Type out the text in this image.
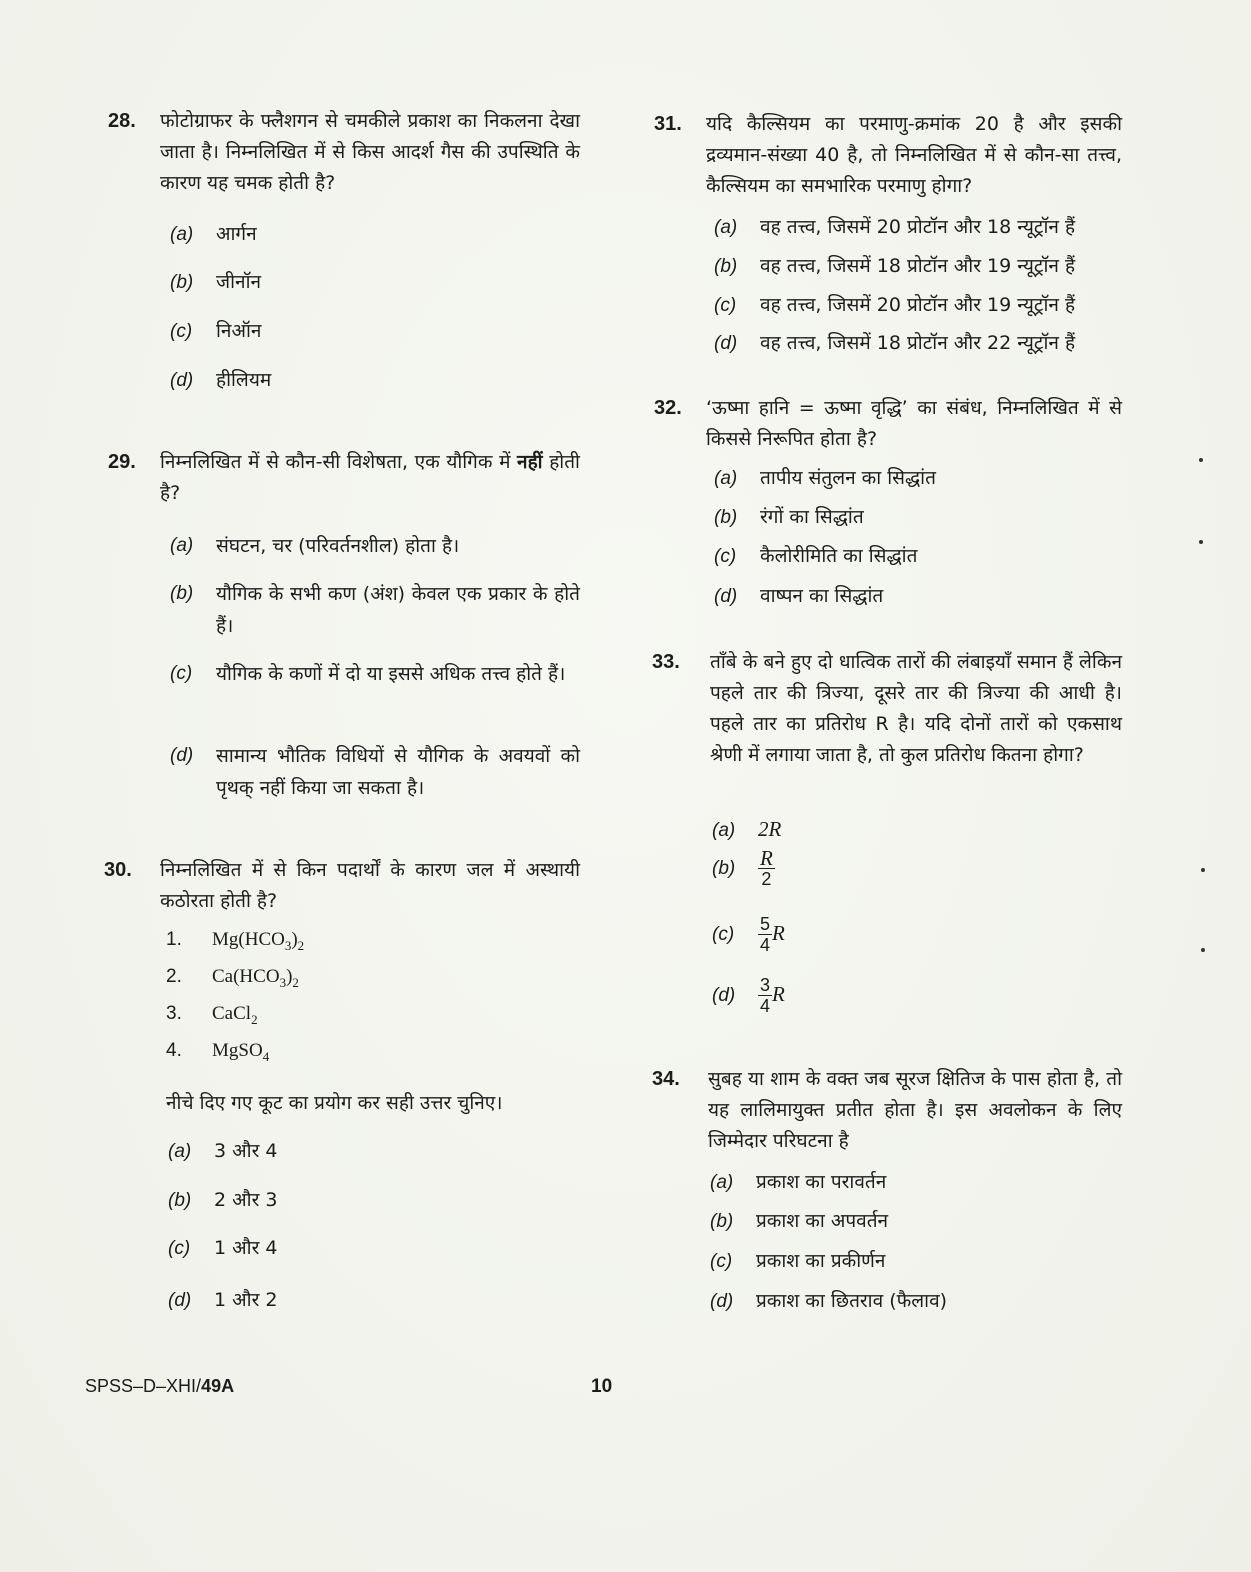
28. फोटोग्राफर के फ्लैशगन से चमकीले प्रकाश का निकलना देखा जाता है। निम्नलिखित में से किस आदर्श गैस की उपस्थिति के कारण यह चमक होती है?
(a) आर्गन
(b) जीनॉन
(c) निऑन
(d) हीलियम
29. निम्नलिखित में से कौन-सी विशेषता, एक यौगिक में नहीं होती है?
(a)	संघटन, चर (परिवर्तनशील) होता है।
(b)	यौगिक के सभी कण (अंश) केवल एक प्रकार के होते हैं।
(c)	यौगिक के कणों में दो या इससे अधिक तत्त्व होते हैं।
(d)	सामान्य भौतिक विधियों से यौगिक के अवयवों को पृथक् नहीं किया जा सकता है।
30. निम्नलिखित में से किन पदार्थों के कारण जल में अस्थायी कठोरता होती है?
1. $Mg(HCO_3)_2$
2. $Ca(HCO_3)_2$
3. CaCl$_2$
4. MgSO$_4$
नीचे दिए गए कूट का प्रयोग कर सही उत्तर चुनिए।
(a) 3 और 4
(b) 2 और 3
(c) 1 और 4
(d) 1 और 2
31. यदि कैल्सियम का परमाणु-क्रमांक 20 है और इसकी द्रव्यमान-संख्या 40 है, तो निम्नलिखित में से कौन-सा तत्त्व, कैल्सियम का समभारिक परमाणु होगा?
(a) वह तत्त्व, जिसमें 20 प्रोटॉन और 18 न्यूट्रॉन हैं
(b) वह तत्त्व, जिसमें 18 प्रोटॉन और 19 न्यूट्रॉन हैं
(c) वह तत्त्व, जिसमें 20 प्रोटॉन और 19 न्यूट्रॉन हैं
(d) वह तत्त्व, जिसमें 18 प्रोटॉन और 22 न्यूट्रॉन हैं
32. ‘ऊष्मा हानि = ऊष्मा वृद्धि’ का संबंध, निम्नलिखित में से किससे निरूपित होता है?
(a) तापीय संतुलन का सिद्धांत
(b) रंगों का सिद्धांत
(c) कैलोरीमिति का सिद्धांत
(d) वाष्पन का सिद्धांत
33. ताँबे के बने हुए दो धात्विक तारों की लंबाइयाँ समान हैं लेकिन पहले तार की त्रिज्या, दूसरे तार की त्रिज्या की आधी है। पहले तार का प्रतिरोध R है। यदि दोनों तारों को एकसाथ श्रेणी में लगाया जाता है, तो कुल प्रतिरोध कितना होगा?
(a) 2R
$(b) \frac{R}{2}$
$(c) \frac{5}{4}$ R
$(d) \frac{3}{4}$ R
34. सुबह या शाम के वक्त जब सूरज क्षितिज के पास होता है, तो यह लालिमायुक्त प्रतीत होता है। इस अवलोकन के लिए जिम्मेदार परिघटना है
(a) प्रकाश का परावर्तन
(b) प्रकाश का अपवर्तन
(c) प्रकाश का प्रकीर्णन
(d) प्रकाश का छितराव (फैलाव)
SPSS–D–XHI/49A	10
